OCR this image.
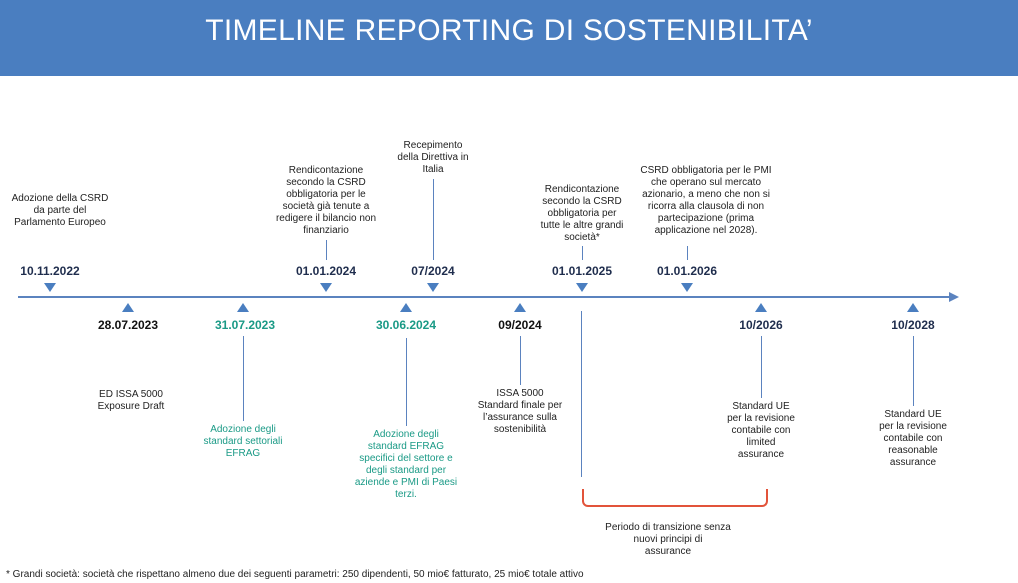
TIMELINE REPORTING DI SOSTENIBILITA’
Adozione della CSRD
da parte del
Parlamento Europeo
10.11.2022
Rendicontazione
secondo la CSRD
obbligatoria per le
società già tenute a
redigere il bilancio non
finanziario
01.01.2024
Recepimento
della Direttiva in
Italia
07/2024
Rendicontazione
secondo la CSRD
obbligatoria per
tutte le altre grandi
società*
01.01.2025
CSRD obbligatoria per le PMI
che operano sul mercato
azionario, a meno che non si
ricorra alla clausola di non
partecipazione (prima
applicazione nel 2028).
01.01.2026
28.07.2023
ED ISSA 5000
Exposure Draft
31.07.2023
Adozione degli
standard settoriali
EFRAG
30.06.2024
Adozione degli
standard EFRAG
specifici del settore e
degli standard per
aziende e PMI di Paesi
terzi.
09/2024
ISSA 5000
Standard finale per
l’assurance sulla
sostenibilità
10/2026
Standard UE
per la revisione
contabile con
limited
assurance
10/2028
Standard UE
per la revisione
contabile con
reasonable
assurance
Periodo di transizione senza
nuovi principi di
assurance
* Grandi società: società che rispettano almeno due dei seguenti parametri: 250 dipendenti, 50 mio€ fatturato, 25 mio€ totale attivo
